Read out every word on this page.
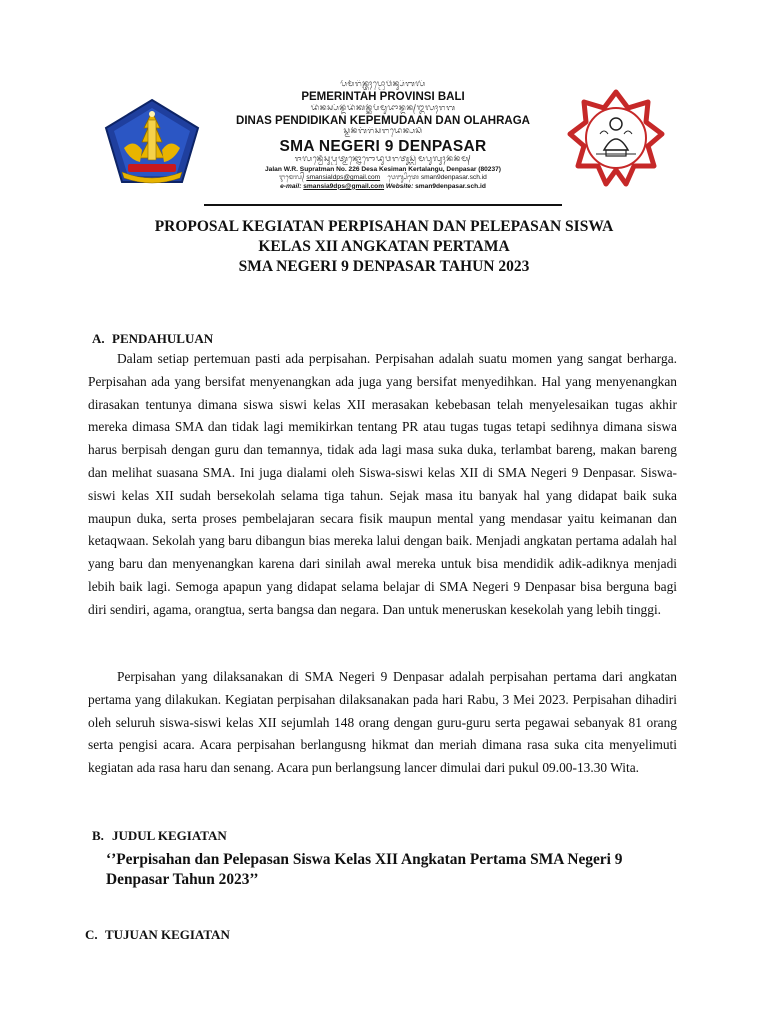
ᬧᭂᬫᭂᬭᬶᬦ᭄ᬢᬄᬧ᭄ᬭᭀᬯᬶᬦ᭄ᬲᬶᬩᬮᬶ
PEMERINTAH PROVINSI BALI
ᬤᬶᬦᬲ᭄ᬧᭂᬦ᭄ᬤᬶᬤᬶᬓᬦ᭄ᬓᭂᬧᭂᬫᬸᬤᬵᬦ᭄ᬤᬦ᭄ᬑᬮᬄᬭᬕ
DINAS PENDIDIKAN KEPEMUDAAN DAN OLAHRAGA
ᬲ᭄ᬫᬦᭂᬕᭂᬭᬶᬲᬗᬤᬾᬦ᭄ᬧᬲᬃ
SMA NEGERI 9 DENPASAR
ᬚᬮᬦ᭄ᬯᬾᬃᬲᬸᬧ᭄ᬭᬢ᭄ᬫᬦ᭄ᬦᭀᬭᭀᬤᬸᬯᬭᬢᬸᬲ᭄ᬮᬶᬫᬧᬸᬮᬸᬄᬦᭂᬦᭂᬫ᭄
Jalan W.R. Supratman No. 226 Desa Kesiman Kertalangu, Denpasar (80237)
ᬇᬫᬾᬮ᭄ smansiaIdps@gmail.com ᬯᬾᬩ᭄ᬲᬶᬢᬾ sman9denpasar.sch.id
e-mail: smansia9dps@gmail.com Website: sman9denpasar.sch.id
PROPOSAL KEGIATAN PERPISAHAN DAN PELEPASAN SISWA
KELAS XII ANGKATAN PERTAMA
SMA NEGERI 9 DENPASAR TAHUN 2023
A. PENDAHULUAN

Dalam setiap pertemuan pasti ada perpisahan. Perpisahan adalah suatu momen yang sangat berharga. Perpisahan ada yang bersifat menyenangkan ada juga yang bersifat menyedihkan. Hal yang menyenangkan dirasakan tentunya dimana siswa siswi kelas XII merasakan kebebasan telah menyelesaikan tugas akhir mereka dimasa SMA dan tidak lagi memikirkan tentang PR atau tugas tugas tetapi sedihnya dimana siswa harus berpisah dengan guru dan temannya, tidak ada lagi masa suka duka, terlambat bareng, makan bareng dan melihat suasana SMA. Ini juga dialami oleh Siswa-siswi kelas XII di SMA Negeri 9 Denpasar. Siswa-siswi kelas XII sudah bersekolah selama tiga tahun. Sejak masa itu banyak hal yang didapat baik suka maupun duka, serta proses pembelajaran secara fisik maupun mental yang mendasar yaitu keimanan dan ketaqwaan. Sekolah yang baru dibangun bias mereka lalui dengan baik. Menjadi angkatan pertama adalah hal yang baru dan menyenangkan karena dari sinilah awal mereka untuk bisa mendidik adik-adiknya menjadi lebih baik lagi. Semoga apapun yang didapat selama belajar di SMA Negeri 9 Denpasar bisa berguna bagi diri sendiri, agama, orangtua, serta bangsa dan negara. Dan untuk meneruskan kesekolah yang lebih tinggi.

Perpisahan yang dilaksanakan di SMA Negeri 9 Denpasar adalah perpisahan pertama dari angkatan pertama yang dilakukan. Kegiatan perpisahan dilaksanakan pada hari Rabu, 3 Mei 2023. Perpisahan dihadiri oleh seluruh siswa-siswi kelas XII sejumlah 148 orang dengan guru-guru serta pegawai sebanyak 81 orang serta pengisi acara. Acara perpisahan berlangusng hikmat dan meriah dimana rasa suka cita menyelimuti kegiatan ada rasa haru dan senang. Acara pun berlangsung lancer dimulai dari pukul 09.00-13.30 Wita.

B. JUDUL KEGIATAN
‘’Perpisahan dan Pelepasan Siswa Kelas XII Angkatan Pertama SMA Negeri 9 Denpasar Tahun 2023’’
C. TUJUAN KEGIATAN
